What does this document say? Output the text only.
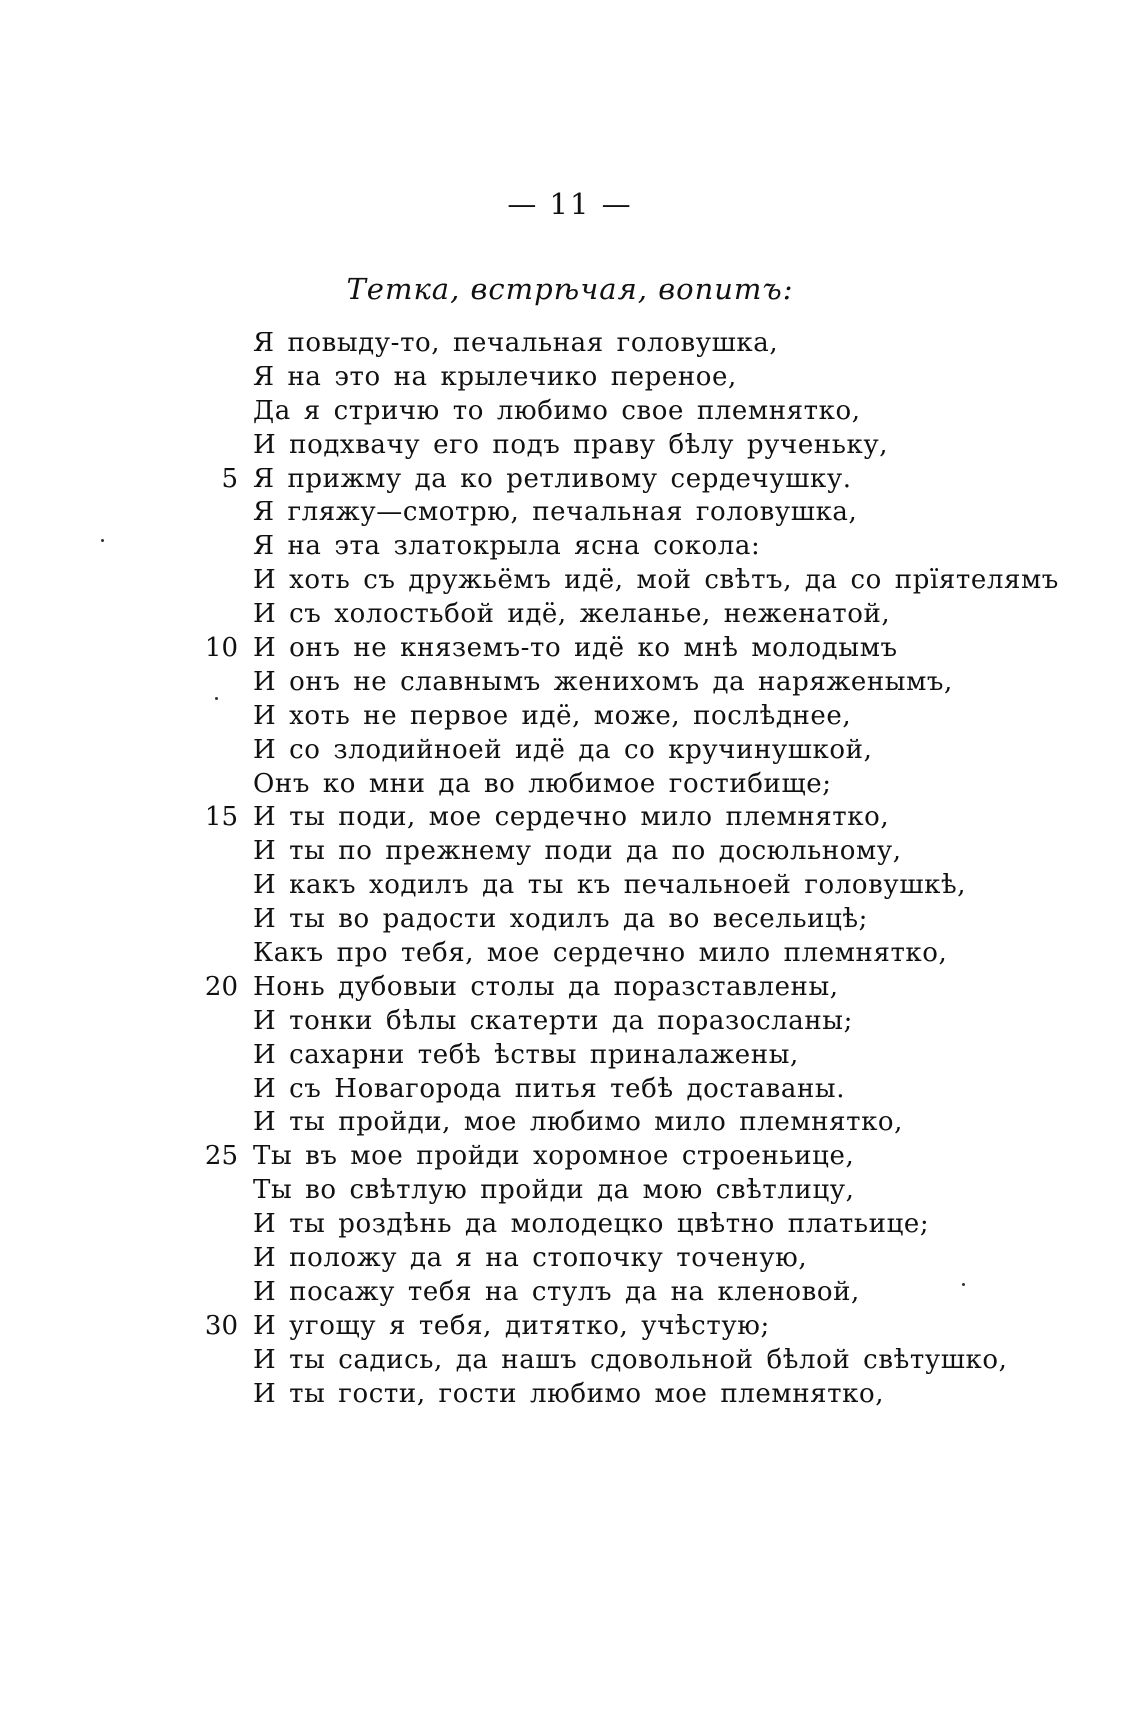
— 11 —
Тетка, встрѣчая, вопитъ:
Я повыду-то, печальная головушка,
Я на это на крылечико переное,
Да я стричю то любимо свое племнятко,
И подхвачу его подъ праву бѣлу рученьку,
5 Я прижму да ко ретливому сердечушку.
Я гляжу—смотрю, печальная головушка,
Я на эта златокрыла ясна сокола:
И хоть съ дружьёмъ идё, мой свѣтъ, да со прїятелямъ
И съ холостьбой идё, желанье, неженатой,
10 И онъ не княземъ-то идё ко мнѣ молодымъ
И онъ не славнымъ женихомъ да наряженымъ,
И хоть не первое идё, може, послѣднее,
И со злодийноей идё да со кручинушкой,
Онъ ко мни да во любимое гостибище;
15 И ты поди, мое сердечно мило племнятко,
И ты по прежнему поди да по досюльному,
И какъ ходилъ да ты къ печальноей головушкѣ,
И ты во радости ходилъ да во весельицѣ;
Какъ про тебя, мое сердечно мило племнятко,
20 Нонь дубовыи столы да поразставлены,
И тонки бѣлы скатерти да поразосланы;
И сахарни тебѣ ѣствы приналажены,
И съ Новагорода питья тебѣ доставаны.
И ты пройди, мое любимо мило племнятко,
25 Ты въ мое пройди хоромное строеньице,
Ты во свѣтлую пройди да мою свѣтлицу,
И ты роздѣнь да молодецко цвѣтно платьице;
И положу да я на стопочку точеную,
И посажу тебя на стулъ да на кленовой,
30 И угощу я тебя, дитятко, учѣстую;
И ты садись, да нашъ сдовольной бѣлой свѣтушко,
И ты гости, гости любимо мое племнятко,
